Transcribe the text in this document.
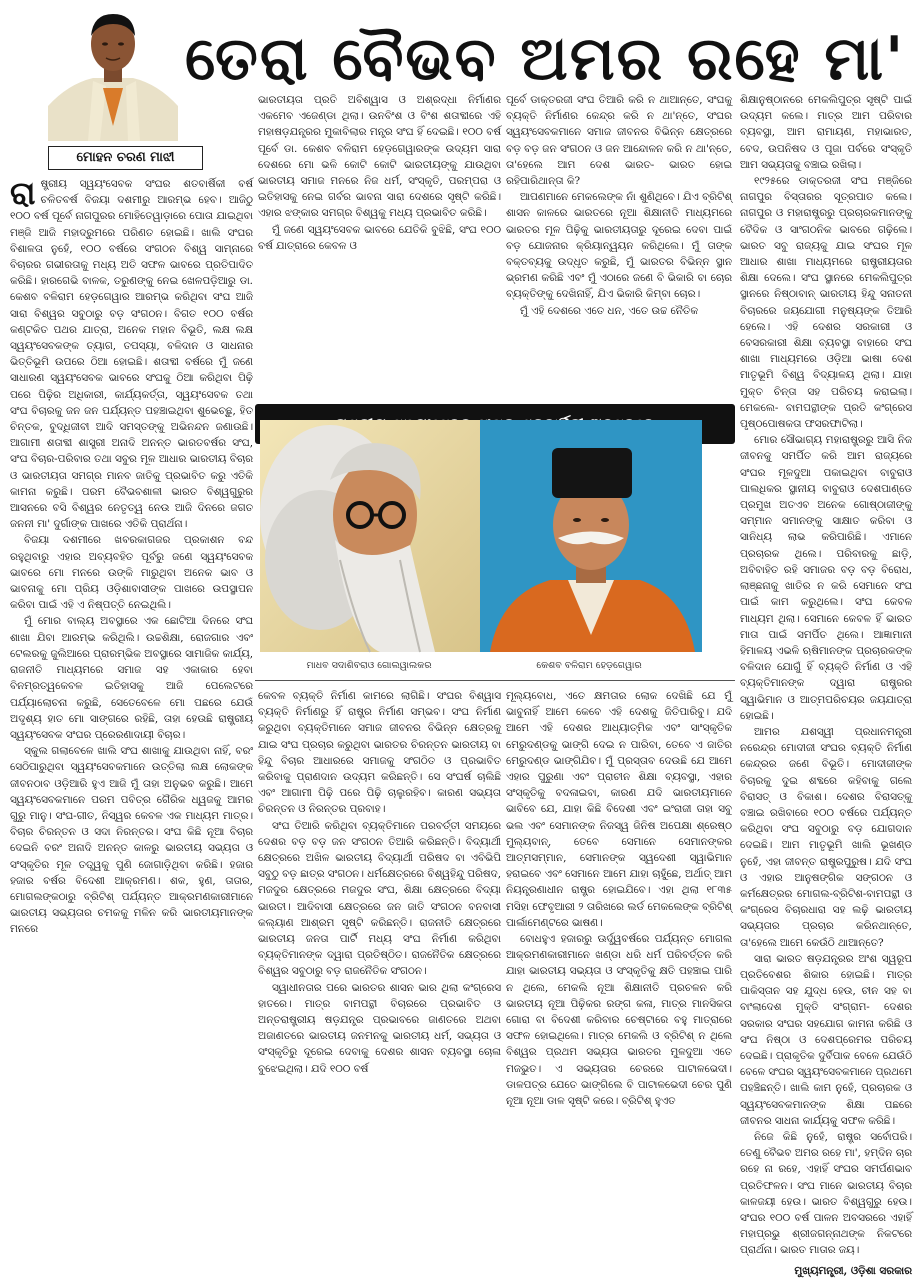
ତେରା ବୈଭବ ଅମର ରହେ ମା'
ମୋହନ ଚରଣ ମାଝୀ

ରାଷ୍ଟ୍ରୀୟ ସ୍ୱୟଂସେବକ ସଂଘର ଶତବାର୍ଷିକୀ ବର୍ଷ ଚଳିତବର୍ଷ ବିଜୟା ଦଶମୀରୁ ଆରମ୍ଭ ହେବ। ଆଜିଠୁ ୧୦୦ ବର୍ଷ ପୂର୍ବେ ନାଗପୁରର ମୋହିତେୱାଡ଼ାରେ ପୋତା ଯାଇଥିବା ମଞ୍ଜି ଆଜି ମହାଦ୍ରୁମରେ ପରିଣତ ହୋଇଛି। ଖାଲି ସଂଘର ବିଶାଳତା ନୁହେଁ, ୧୦୦ ବର୍ଷରେ ସଂଗଠନ ବିଶ୍ୱ ସାମ୍ନାରେ ବିଚାରର ଗଭୀରତାକୁ ମଧ୍ୟ ଅତି ସଫଳ ଭାବରେ ପ୍ରତିପାଦିତ କରିଛି। ହାରଗେଭି ବାଳକ, ତରୁଣଙ୍କୁ ନେଇ ଖେଳପଡ଼ିଆରୁ ଡା. କେଶବ ବଳିରାମ ହେଡ଼ଗେୱାର ଆରମ୍ଭ କରିଥିବା ସଂଘ ଆଜି ସାରା ବିଶ୍ୱର ସବୁଠାରୁ ବଡ଼ ସଂଗଠନ। ବିଗତ ୧୦୦ ବର୍ଷର କଣ୍ଟକିତ ପଥର ଯାତ୍ରା, ଅନେକ ମହାନ ବିଭୂତି, ଲକ୍ଷ ଲକ୍ଷ ସ୍ୱୟଂସେବକଙ୍କ ତ୍ୟାଗ, ତପସ୍ୟା, ବଳିଦାନ ଓ ସାଧନାର ଭିତ୍ତିଭୂମି ଉପରେ ଠିଆ ହୋଇଛି। ଶତାବ୍ଦୀ ବର୍ଷରେ ମୁଁ ଜଣେ ସାଧାରଣ ସ୍ୱୟଂସେବକ ଭାବରେ ସଂଘକୁ ଠିଆ କରିଥିବା ପିଢ଼ି ପରେ ପିଢ଼ିର ଅଧିକାରୀ, କାର୍ଯ୍ୟକର୍ତ୍ତା, ସ୍ୱୟଂସେବକ ତଥା ସଂଘ ବିଚାରକୁ ଜନ ଜନ ପର୍ଯ୍ୟନ୍ତ ପହଞ୍ଚାଇଥିବା ଶୁଭେଚ୍ଛୁ, ହିତ ଚିନ୍ତକ, ବୁଦ୍ଧିଜୀବୀ ଆଦି ସମସ୍ତଙ୍କୁ ଅଭିନନ୍ଦନ ଜଣାଉଛି। ଆଗାମୀ ଶତାବ୍ଦୀ ଶାସ୍ତ୍ରୀ ଅନାଦି ଅନନ୍ତ ଭାରତବର୍ଷର ସଂଘ, ସଂଘ ବିଚାର-ପରିବାର ତଥା ସବୁର ମୂଳ ଆଧାର ଭାରତୀୟ ବିଚାର ଓ ଭାରତୀୟତା ସମଗ୍ର ମାନବ ଜାତିକୁ ପ୍ରଭାବିତ କରୁ ଏତିକି କାମନା କରୁଛି। ପରମ ବୈଭବଶାଳୀ ଭାରତ ବିଶ୍ୱଗୁରୁର ଆସନରେ ବସି ବିଶ୍ୱର ନେତୃତ୍ୱ ନେଉ ଆଜି ଦିନରେ ଜଗତ ଜନନୀ ମା' ଦୁର୍ଗାଙ୍କ ପାଖରେ ଏତିକି ପ୍ରାର୍ଥନା।

ବିଜୟା ଦଶମୀରେ ଖବରକାଗଜର ପ୍ରକାଶନ ବନ୍ଦ ରହୁଥିବାରୁ ଏହାର ଅବ୍ୟବହିତ ପୂର୍ବରୁ ଜଣେ ସ୍ୱୟଂସେବକ ଭାବରେ ମୋ ମନରେ ଉଙ୍କି ମାରୁଥିବା ଅନେକ ଭାବ ଓ ଭାବନାକୁ ମୋ ପ୍ରିୟ ଓଡ଼ିଶାବାସୀଙ୍କ ପାଖରେ ଉପସ୍ଥାପନ କରିବା ପାଇଁ ଏହି ଏ ନିଷ୍ପତ୍ତି ନେଇଥିଲି।

ମୁଁ ମୋର ବାଲ୍ୟ ଅବସ୍ଥାରେ ଏକ ଛୋଟିଆ ଦିନରେ ସଂଘ ଶାଖା ଯିବା ଆରମ୍ଭ କରିଥିଲି। ଉଚ୍ଚଶିକ୍ଷା, ରୋଜଗାର ଏବଂ ଟେଲରକୁ ଜୁଲିଆରେ ପ୍ରାରମ୍ଭିକ ଅବସ୍ଥାରେ ସାମାଜିକ କାର୍ଯ୍ୟ, ରାଜନୀତି ମାଧ୍ୟମରେ ସମାଜ ସହ ଏକାକାର ହେବା ବିନମ୍ରତ୍ୱକେବଳ ଇତିହାସକୁ ଆଜି ପେଲେଟରେ ପର୍ଯ୍ୟାଲୋଚନା କରୁଛି, ସେତେବେଳେ ମୋ ପଛରେ ଯେଉଁ ଅଦୃଶ୍ୟ ହାତ ମୋ ସାଙ୍ଗରେ ରହିଛି, ତାହା ହେଉଛି ରାଷ୍ଟ୍ରୀୟ ସ୍ୱୟଂସେବକ ସଂଘର ପ୍ରେରଣାଦାୟୀ ବିଚାର।

ସ୍କୁଲ ଗଲାବେଳେ ଖାଲି ସଂଘ ଶାଖାକୁ ଯାଉଥିବା ନାହିଁ, ବରଂ ସେଠିପାରୁଥିବା ସ୍ୱୟଂସେବକମାନେ ଉତ୍ତିଲା ଲକ୍ଷ ଲୋକଙ୍କ ଜୀବନଠାବ ଓଡ଼ିଆରି ହୁଏ ଆଜି ମୁଁ ତାହା ଅନୁଭବ କରୁଛି। ଆମେ ସ୍ୱୟଂସେବକମାନେ ପରମ ପବିତ୍ର ଗୈରିକ ଧ୍ୱଜକୁ ଆମର ଗୁରୁ ମାନୁ। ସଂଘ-ଗୀତ, ନିସ୍ୱର କେବଳ ଏକ ମାଧ୍ୟମ ମାତ୍ର। ବିଚାର ଚିରନ୍ତନ ଓ ସଦା ନିରନ୍ତର। ସଂଘ କିଛି ନୂଆ ବିଚାର ଦେଇନି ବରଂ ଅନାଦି ଅନନ୍ତ କାଳରୁ ଭାରତୀୟ ସଭ୍ୟତା ଓ ସଂସ୍କୃତିର ମୂଳ ତତ୍ତ୍ୱକୁ ପୁଣି ଜୋଗାଡ଼ିଥିବା କରିଛି। ହଜାର ହଜାର ବର୍ଷର ବିଦେଶୀ ଆକ୍ରମଣ। ଶକ, ହୁଣ, ତାତାର, ମୋଗଲଙ୍କଠାରୁ ବ୍ରିଟିଶ୍ ପର୍ଯ୍ୟନ୍ତ ଆକ୍ରମଣକାରୀମାନେ ଭାରତୀୟ ସଭ୍ୟତାର ଚମକକୁ ମଳିନ କରି ଭାରତୀୟମାନଙ୍କ ମନରେ

ଭାରତୀୟତା ପ୍ରତି ଅବିଶ୍ୱାସ ଓ ଅଶ୍ରଦ୍ଧା ନିର୍ମାଣର ଏକମେବ ଏଜେଣ୍ଡା ଥିଲା। ଉନବିଂଶ ଓ ବିଂଶ ଶତାବ୍ଦୀରେ ଏହି ମହାଷଡ଼ଯନ୍ତ୍ରର ମୁକାବିଲାର ମନ୍ତ୍ର ସଂଘ ହିଁ ଦେଇଛି। ୧୦୦ ବର୍ଷ ପୂର୍ବେ ଡା. କେଶବ ବଳିରାମ ହେଡ଼ଗେୱାରଙ୍କ ଉଦ୍ୟମ ସାରା ଦେଶରେ ମୋ ଭଳି କୋଟି କୋଟି ଭାରତୀୟଙ୍କୁ ଯାଉଥିବା ଭାରତୀୟ ସମାଜ ମନରେ ନିଜ ଧର୍ମ, ସଂସ୍କୃତି, ପରମ୍ପରା ଓ ଇତିହାସକୁ ନେଇ ଗର୍ବର ଭାବନା ସାରା ଦେଶରେ ସୃଷ୍ଟି କରିଛି। ଏହାର ଝଙ୍କାର ସମଗ୍ର ବିଶ୍ୱକୁ ମଧ୍ୟ ପ୍ରଭାବିତ କରିଛି।

ମୁଁ ଜଣେ ସ୍ୱୟଂସେବକ ଭାବରେ ଯେତିକି ବୁଝିଛି, ସଂଘ ୧୦୦ ବର୍ଷ ଯାତ୍ରାରେ କେବଳ ଓ

ପୂର୍ବେ ଡାକ୍ତରଜୀ ସଂଘ ତିଆରି କରି ନ ଥାଆନ୍ତେ, ସଂଘକୁ ବ୍ୟକ୍ତି ନିର୍ମାଣର କେନ୍ଦ୍ର କରି ନ ଥା'ନ୍ତେ, ସଂଘର ସ୍ୱୟଂସେବକମାନେ ସମାଜ ଜୀବନର ବିଭିନ୍ନ କ୍ଷେତ୍ରରେ ବଡ଼ ବଡ଼ ଜନ ସଂଗଠନ ଓ ଜନ ଆନ୍ଦୋଳନ କରି ନ ଥା'ନ୍ତେ, ତା'ହେଲେ ଆମ ଦେଶ ଭାରତ- ଭାରତ ହୋଇ ରହିପାରିଥାନ୍ତା କି?

ଆପଣମାନେ ମେକଲେଙ୍କ ନାଁ ଶୁଣିଥିବେ। ଯିଏ ବ୍ରିଟିଶ୍ ଶାସନ କାଳରେ ଭାରତରେ ନୂଆ ଶିକ୍ଷାନୀତି ମାଧ୍ୟମରେ ଭାରତର ମୂଳ ପିଢ଼ିକୁ ଭାରତୀୟତାରୁ ଦୂରେଇ ଦେବା ପାଇଁ ବଡ଼ ଯୋଜନାର କ୍ରିୟାନ୍ୱୟନ କରିଥିଲେ। ମୁଁ ତାଙ୍କ ବକ୍ତବ୍ୟକୁ ଉଦ୍ଧୃତ କରୁଛି, ମୁଁ ଭାରତର ବିଭିନ୍ନ ସ୍ଥାନ ଭ୍ରମଣ କରିଛି ଏବଂ ମୁଁ ଏଠାରେ ଜଣେ ବି ଭିକାରି ବା ଚୋର ବ୍ୟକ୍ତିଙ୍କୁ ଦେଖିନାହିଁ, ଯିଏ ଭିକାରି କିମ୍ବା ଚୋର।

ମୁଁ ଏହି ଦେଶରେ ଏତେ ଧନ, ଏତେ ଉଚ୍ଚ ନୈତିକ

ଶିକ୍ଷାନୁଷ୍ଠାନରେ ମେକଲିପୁତ୍ର ସୃଷ୍ଟି ପାଇଁ ଉଦ୍ୟମ କଲେ। ମାତ୍ର ଆମ ପରିବାର ବ୍ୟବସ୍ଥା, ଆମ ରାମାୟଣ, ମହାଭାରତ, ବେଦ, ଉପନିଷଦ ଓ ପୂଜା ପର୍ବରେ ସଂସ୍କୃତି ଆମ ସଭ୍ୟତାକୁ ବଞ୍ଚାଇ ରଖିଲା।

୧୯୨୫ରେ ଡାକ୍ତରଜୀ ସଂଘ ମଞ୍ଜିରେ ନାଗପୁର ବିସ୍ତାରର ସୂତ୍ରପାତ କଲେ। ନାଗପୁର ଓ ମହାରାଷ୍ଟ୍ରରୁ ପ୍ରଚାରକମାନଙ୍କୁ ବୈଦିକ ଓ ସାଂଗଠନିକ ଭାବରେ ଗଢ଼ିଲେ। ଭାରତ ସବୁ ରାଜ୍ୟକୁ ଯାଇ ସଂଘର ମୂଳ ଆଧାର ଶାଖା ମାଧ୍ୟମରେ ରାଷ୍ଟ୍ରୀୟତାର ଶିକ୍ଷା ଦେଲେ। ସଂଘ ସ୍ଥାନରେ ମେକଲିପୁତ୍ର ସ୍ଥାନରେ ନିଷ୍ଠାବାନ୍ ଭାରତୀୟ ହିନ୍ଦୁ ସନାତନୀ ବିଚାରରେ ଜୟଯୋଗୀ ମନୁଷ୍ୟଙ୍କ ତିଆରି ହେଲେ। ଏହି ଦେଶର ସରକାରୀ ଓ ବେସରକାରୀ ଶିକ୍ଷା ବ୍ୟବସ୍ଥା ବାହାରେ ସଂଘ ଶାଖା ମାଧ୍ୟମରେ ଓଡ଼ିଆ ଭାଷା ଦେଶ ମାତୃଭୂମି ବିଶ୍ୱ ବିଦ୍ୟାଳୟ ଥିଲା। ଯାହା ମୁକ୍ତ ଚିନ୍ତା ସହ ପରିଚୟ କରାଇଲା। ମେକଲେ- ବାମପନ୍ଥୀଙ୍କ ପ୍ରତି କଂଗ୍ରେସ ପୃଷ୍ଠପୋଷକତା ଫସରଫାଟିଲା।

ମୋର ସୌଭାଗ୍ୟ ମହାରାଷ୍ଟ୍ରରୁ ଆସି ନିଜ ଜୀବନକୁ ସମର୍ପିତ କରି ଆମ ରାଜ୍ୟରେ ସଂଘର ମୂଳଦୁଆ ପକାଇଥିବା ବାବୁରାଓ ପାଲଧିକର ସ୍ଥାନୀୟ ବାବୁରାଓ ଦେଶପାଣ୍ଡେ ପ୍ରମୁଖ ଅତଏବ ଅନେକ ଗୋଷ୍ଠାଜୀଙ୍କୁ ସମ୍ମାନ ସମାନଙ୍କୁ ସାକ୍ଷାତ କରିବା ଓ ସାନିଧ୍ୟ ଲାଭ କରିପାରିଛି। ଏମାନେ ପ୍ରଚାରକ ଥିଲେ। ପରିବାରକୁ ଛାଡ଼ି, ଅବିବାହିତ ରହି ସମାଜର ବଡ଼ ବଡ଼ ବିରୋଧ, ଲାଞ୍ଛନାକୁ ଖାତିର ନ କରି ସେମାନେ ସଂଘ ପାଇଁ କାମ କରୁଥିଲେ। ସଂଘ କେବଳ ମାଧ୍ୟମ ଥିଲା। ସେମାନେ କେବଳ ହିଁ ଭାରତ ମାତା ପାଇଁ ସମର୍ପିତ ଥିଲେ। ଆଜ୍ଞାମାନୀ ହିମାଳୟ ଏଭଳି ଋଷିମାନଙ୍କ ପ୍ରଚାରକଙ୍କ ବଳିଦାନ ଯୋଗୁଁ ହିଁ ବ୍ୟକ୍ତି ନିର୍ମାଣ ଓ ଏହି ବ୍ୟକ୍ତିମାନଙ୍କ ଦ୍ୱାରା ରାଷ୍ଟ୍ରର ସ୍ୱାଭିମାନ ଓ ଆତ୍ମପରିଚୟର ଜୟଯାତ୍ରା ହୋଇଛି।

ଆମର ଯଶସ୍ୱୀ ପ୍ରଧାନମନ୍ତ୍ରୀ ନରେନ୍ଦ୍ର ମୋଦୀଜୀ ସଂଘର ବ୍ୟକ୍ତି ନିର୍ମାଣ କେନ୍ଦ୍ରର ଜଣେ ବିଭୂତି। ମୋଦୀଜୀଙ୍କ ବିଚାରକୁ ଦୁଇ ଶବ୍ଦରେ କହିବାକୁ ଗଲେ ବିରାସତ୍ ଓ ବିକାଶ। ଦେଶର ବିରାସତ୍କୁ ବଞ୍ଚାଇ ରଖିବାରେ ୧୦୦ ବର୍ଷରେ ପର୍ଯ୍ୟନ୍ତ କରିଥିବା ସଂଘ ସବୁଠାରୁ ବଡ଼ ଯୋଗଦାନ ଦେଇଛି। ଆମ ମାତୃଭୂମି ଖାଲି ଭୂଖଣ୍ଡ ନୁହେଁ, ଏହା ଜୀବନ୍ତ ରାଷ୍ଟ୍ରପୁରୁଷ। ଯଦି ସଂଘ ଓ ଏହାର ଆନୁଷଙ୍ଗିକ ସଙ୍ଗଠନ ଓ କର୍ମକ୍ଷେତ୍ରର ମୋଗଲ-ବ୍ରିଟିଶ-ବାମପନ୍ଥୀ ଓ କଂଗ୍ରେସ ବିଚାରଧାରା ସହ ଲଢ଼ି ଭାରତୀୟ ସଭ୍ୟତାର ପ୍ରଚାର କରିନଥାନ୍ତେ, ତା'ହେଲେ ଆମେ କେଉଁଠି ଥାଆନ୍ତେ?

ସାରା ଭାରତ ଷଡ଼ଯନ୍ତ୍ରର ଅଂଶ ସ୍ୱରୂପ ପ୍ରତିବେଶର ଶିକାର ହୋଇଛି। ମାତ୍ର ପାକିସ୍ତାନ ସହ ଯୁଦ୍ଧ ହେଉ, ଚୀନ ସହ ବା ବାଂଲାଦେଶ ମୁକ୍ତି ସଂଗ୍ରାମ- ଦେଶର ସରକାର ସଂଘର ସହଯୋଗ କାମନା କରିଛି ଓ ସଂଘ ନିଷ୍ଠା ଓ ଦେଶପ୍ରେମର ପରିଚୟ ଦେଇଛି। ପ୍ରାକୃତିକ ଦୁର୍ବିପାକ ବେଳେ ଯେଉଁଠି ବେଳେ ସଂଘର ସ୍ୱୟଂସେବକମାନେ ପ୍ରଥମେ ପହଞ୍ଚିଛନ୍ତି। ଖାଲି କାମ ନୁହେଁ, ପ୍ରଚାରକ ଓ ସ୍ୱୟଂସେବକମାନଙ୍କ ଶିକ୍ଷା ପଛରେ ଜୀବନର ସାଧନା କାର୍ଯ୍ୟକୁ ସଫଳ କରିଛି।

ନିଜେ କିଛି ନୁହେଁ, ରାଷ୍ଟ୍ର ସର୍ବୋପରି। ତେଣୁ ବୈଭବ ଅମର ରହେ ମା', ହମ୍ଦିନ ଚାର ରହେ ନା ରହେ, ଏହାହିଁ ସଂଘର ସମର୍ପଣଭାବ ପ୍ରତିଫଳନ। ସଂଘ ମାନେ ଭାରତୀୟ ବିଚାର କାଳଜୟୀ ହେଉ। ଭାରତ ବିଶ୍ୱଗୁରୁ ହେଉ। ସଂଘର ୧୦୦ ବର୍ଷ ପାଳନ ଅବସରରେ ଏହାହିଁ ମହାପ୍ରଭୁ ଶ୍ରୀଜଗନ୍ନାଥଙ୍କ ନିକଟରେ ପ୍ରାର୍ଥନା। ଭାରତ ମାତାର ଜୟ।

ମୁଖ୍ୟମନ୍ତ୍ରୀ, ଓଡ଼ିଶା ସରକାର

ମାଧବ ସଦାଶିବରାଓ ଗୋଲୱାଲକର	କେଶବ ବଳିରାମ ହେଡ଼ଗେୱାର

କେବଳ ବ୍ୟକ୍ତି ନିର୍ମାଣ କାମରେ ଲାଗିଛି। ସଂଘର ବିଶ୍ୱାସ ବ୍ୟକ୍ତି ନିର୍ମାଣରୁ ହିଁ ରାଷ୍ଟ୍ର ନିର୍ମାଣ ସମ୍ଭବ। ସଂଘ ନିର୍ମାଣ କରୁଥିବା ବ୍ୟକ୍ତିମାନେ ସମାଜ ଜୀବନର ବିଭିନ୍ନ କ୍ଷେତ୍ରକୁ ଯାଇ ସଂଘ ପ୍ରଚାର କରୁଥିବା ଭାରତର ଚିରନ୍ତନ ଭାରତୀୟ ବା ହିନ୍ଦୁ ବିଚାର ଆଧାରରେ ସମାଜକୁ ସଂଗଠିତ ଓ ପ୍ରଭାବିତ କରିବାକୁ ପ୍ରାଣଦାନ ଉଦ୍ୟମ କରିଛନ୍ତି। ସେ ସଂଘର୍ଷ ଚାଲିଛି ଏବଂ ଆଗାମୀ ପିଢ଼ି ପରେ ପିଢ଼ି ଚାଲୁରହିବ। କାରଣ ସଭ୍ୟତା ଚିରନ୍ତନ ଓ ନିରନ୍ତର ପ୍ରବାହ।

ସଂଘ ତିଆରି କରିଥିବା ବ୍ୟକ୍ତିମାନେ ପରବର୍ତ୍ତୀ ସମୟରେ ଦେଶର ବଡ଼ ବଡ଼ ଜନ ସଂଗଠନ ତିଆରି କରିଛନ୍ତି। ବିଦ୍ୟାର୍ଥୀ କ୍ଷେତ୍ରରେ ଅଖିଳ ଭାରତୀୟ ବିଦ୍ୟାର୍ଥୀ ପରିଷଦ ବା ଏବିଭିପି ସବୁଠୁ ବଡ଼ ଛାତ୍ର ସଂଗଠନ। ଧର୍ମକ୍ଷେତ୍ରରେ ବିଶ୍ୱହିନ୍ଦୁ ପରିଷଦ, ମଜଦୁର କ୍ଷେତ୍ରରେ ମଜଦୁର ସଂଘ, ଶିକ୍ଷା କ୍ଷେତ୍ରରେ ବିଦ୍ୟା ଭାରତୀ। ଆଦିବାସୀ କ୍ଷେତ୍ରରେ ଜନ ଜାତି ସଂଗଠନ ବନବାସୀ କଲ୍ୟାଣ ଆଶ୍ରମ ସୃଷ୍ଟି କରିଛନ୍ତି। ରାଜନୀତି କ୍ଷେତ୍ରରେ ଭାରତୀୟ ଜନତା ପାର୍ଟି ମଧ୍ୟ ସଂଘ ନିର୍ମାଣ କରିଥିବା ବ୍ୟକ୍ତିମାନଙ୍କ ଦ୍ୱାରା ପ୍ରତିଷ୍ଠିତ। ରାଜନୈତିକ କ୍ଷେତ୍ରରେ ବିଶ୍ୱର ସବୁଠାରୁ ବଡ଼ ରାଜନୈତିକ ସଂଗଠନ।

ସ୍ୱାଧୀନତାର ପରେ ଭାରତର ଶାସନ ଭାର ଥିଲା କଂଗ୍ରେସ ହାତରେ। ମାତ୍ର ବାମପନ୍ଥୀ ବିଚାରରେ ପ୍ରଭାବିତ ଓ ଅନ୍ତରାଷ୍ଟ୍ରୀୟ ଷଡ଼ଯନ୍ତ୍ର ପ୍ରଭାବରେ ଜାଣତରେ ଅଥବା ଅଜାଣତରେ ଭାରତୀୟ ଜନମନକୁ ଭାରତୀୟ ଧର୍ମ, ସଭ୍ୟତା ଓ ସଂସ୍କୃତିରୁ ଦୂରେଇ ଦେବାକୁ ଦେଶର ଶାସନ ବ୍ୟବସ୍ଥା ଚୋଳା ବୁଝେଇଥିଲା। ଯଦି ୧୦୦ ବର୍ଷ

ମୂଲ୍ୟବୋଧ, ଏତେ କ୍ଷମତାର ଲୋକ ଦେଖିଛି ଯେ ମୁଁ ଭାବୁନାହିଁ ଆମେ କେବେ ଏହି ଦେଶକୁ ଜିତିପାରିବୁ। ଯଦି ଆମେ ଏହି ଦେଶର ଆଧ୍ୟାତ୍ମିକ ଏବଂ ସାଂସ୍କୃତିକ ମେରୁଦଣ୍ଡକୁ ଭାଙ୍ଗି ଦେଇ ନ ପାରିବା, ତେବେ ଏ ଜାତିର ମେରୁଦଣ୍ଡ ଭାଙ୍ଗିଯିବ। ମୁଁ ପ୍ରସ୍ତାବ ଦେଉଛି ଯେ ଆମେ ଏହାର ପୁରୁଣା ଏବଂ ପ୍ରାଚୀନ ଶିକ୍ଷା ବ୍ୟବସ୍ଥା, ଏହାର ସଂସ୍କୃତିକୁ ବଦଳାଇବା, କାରଣ ଯଦି ଭାରତୀୟମାନେ ଭାବିବେ ଯେ, ଯାହା କିଛି ବିଦେଶୀ ଏବଂ ଇଂରାଜୀ ତାହା ସବୁ ଭଲ ଏବଂ ସେମାନଙ୍କ ନିଜସ୍ୱ ଜିନିଷ ଅପେକ୍ଷା ଶ୍ରେଷ୍ଠ ମୁଲ୍ୟବାନ୍, ତେବେ ସେମାନେ ସେମାନଙ୍କର ଆତ୍ମସମ୍ମାନ, ସେମାନଙ୍କ ସ୍ୱଦେଶୀ ସ୍ୱାଭିମାନ ହରାଇବେ ଏବଂ ସେମାନେ ଆମେ ଯାହା ଚାହୁଁଛେ, ଅର୍ଥାତ୍ ଆମ ନିୟନ୍ତ୍ରଣାଧୀନ ରାଷ୍ଟ୍ର ହୋଇଯିବେ। ଏହା ଥିଲା ୧୮୩୫ ମସିହା ଫେବୃଆରୀ ୨ ତାରିଖରେ ଲର୍ଡ ମେକଲେଙ୍କ ବ୍ରିଟିଶ୍ ପାର୍ଲାମେଣ୍ଟରେ ଭାଷଣ।

ବୋଧହୁଏ ହଜାରରୁ ଊର୍ଦ୍ଧ୍ୱବର୍ଷରେ ପର୍ଯ୍ୟନ୍ତ ମୋଗଲ ଆକ୍ରମଣକାରୀମାନେ ଖଣ୍ଡା ଧରି ଧର୍ମ ପରିବର୍ତ୍ତନ କରି ଯାହା ଭାରତୀୟ ସଭ୍ୟତା ଓ ସଂସ୍କୃତିକୁ କ୍ଷତି ପହଞ୍ଚାଇ ପାରି ନ ଥିଲେ, ମେକଲି ନୂଆ ଶିକ୍ଷାନୀତି ପ୍ରଚଳନ କରି ଭାରତୀୟ ନୂଆ ପିଢ଼ିକର ରଙ୍ଗ କଳା, ମାତ୍ର ମାନସିକତା ଗୋରା ବା ବିଦେଶୀ କରିବାର ଚେଷ୍ଟାରେ ବହୁ ମାତ୍ରାରେ ସଫଳ ହୋଇଥିଲେ। ମାତ୍ର ମେକଲି ଓ ବ୍ରିଟିଶ୍ ନ ଥିଲେ ବିଶ୍ୱର ପ୍ରଥମ ସଭ୍ୟତା ଭାରତର ମୁଳଦୁଆ ଏତେ ମଜଭୁତ। ଏ ସଭ୍ୟତାର ଚେରରେ ପାଟାଳଭେଦୀ। ଡାଳପତ୍ର ଯେତେ ଭାଙ୍ଗିଲେ ବି ପାଟାଳଭେଦୀ ଚେର ପୁଣି ନୂଆ ନୂଆ ଡାଳ ସୃଷ୍ଟି କରେ। ବ୍ରିଟିଶ୍ ହୁଏତ
